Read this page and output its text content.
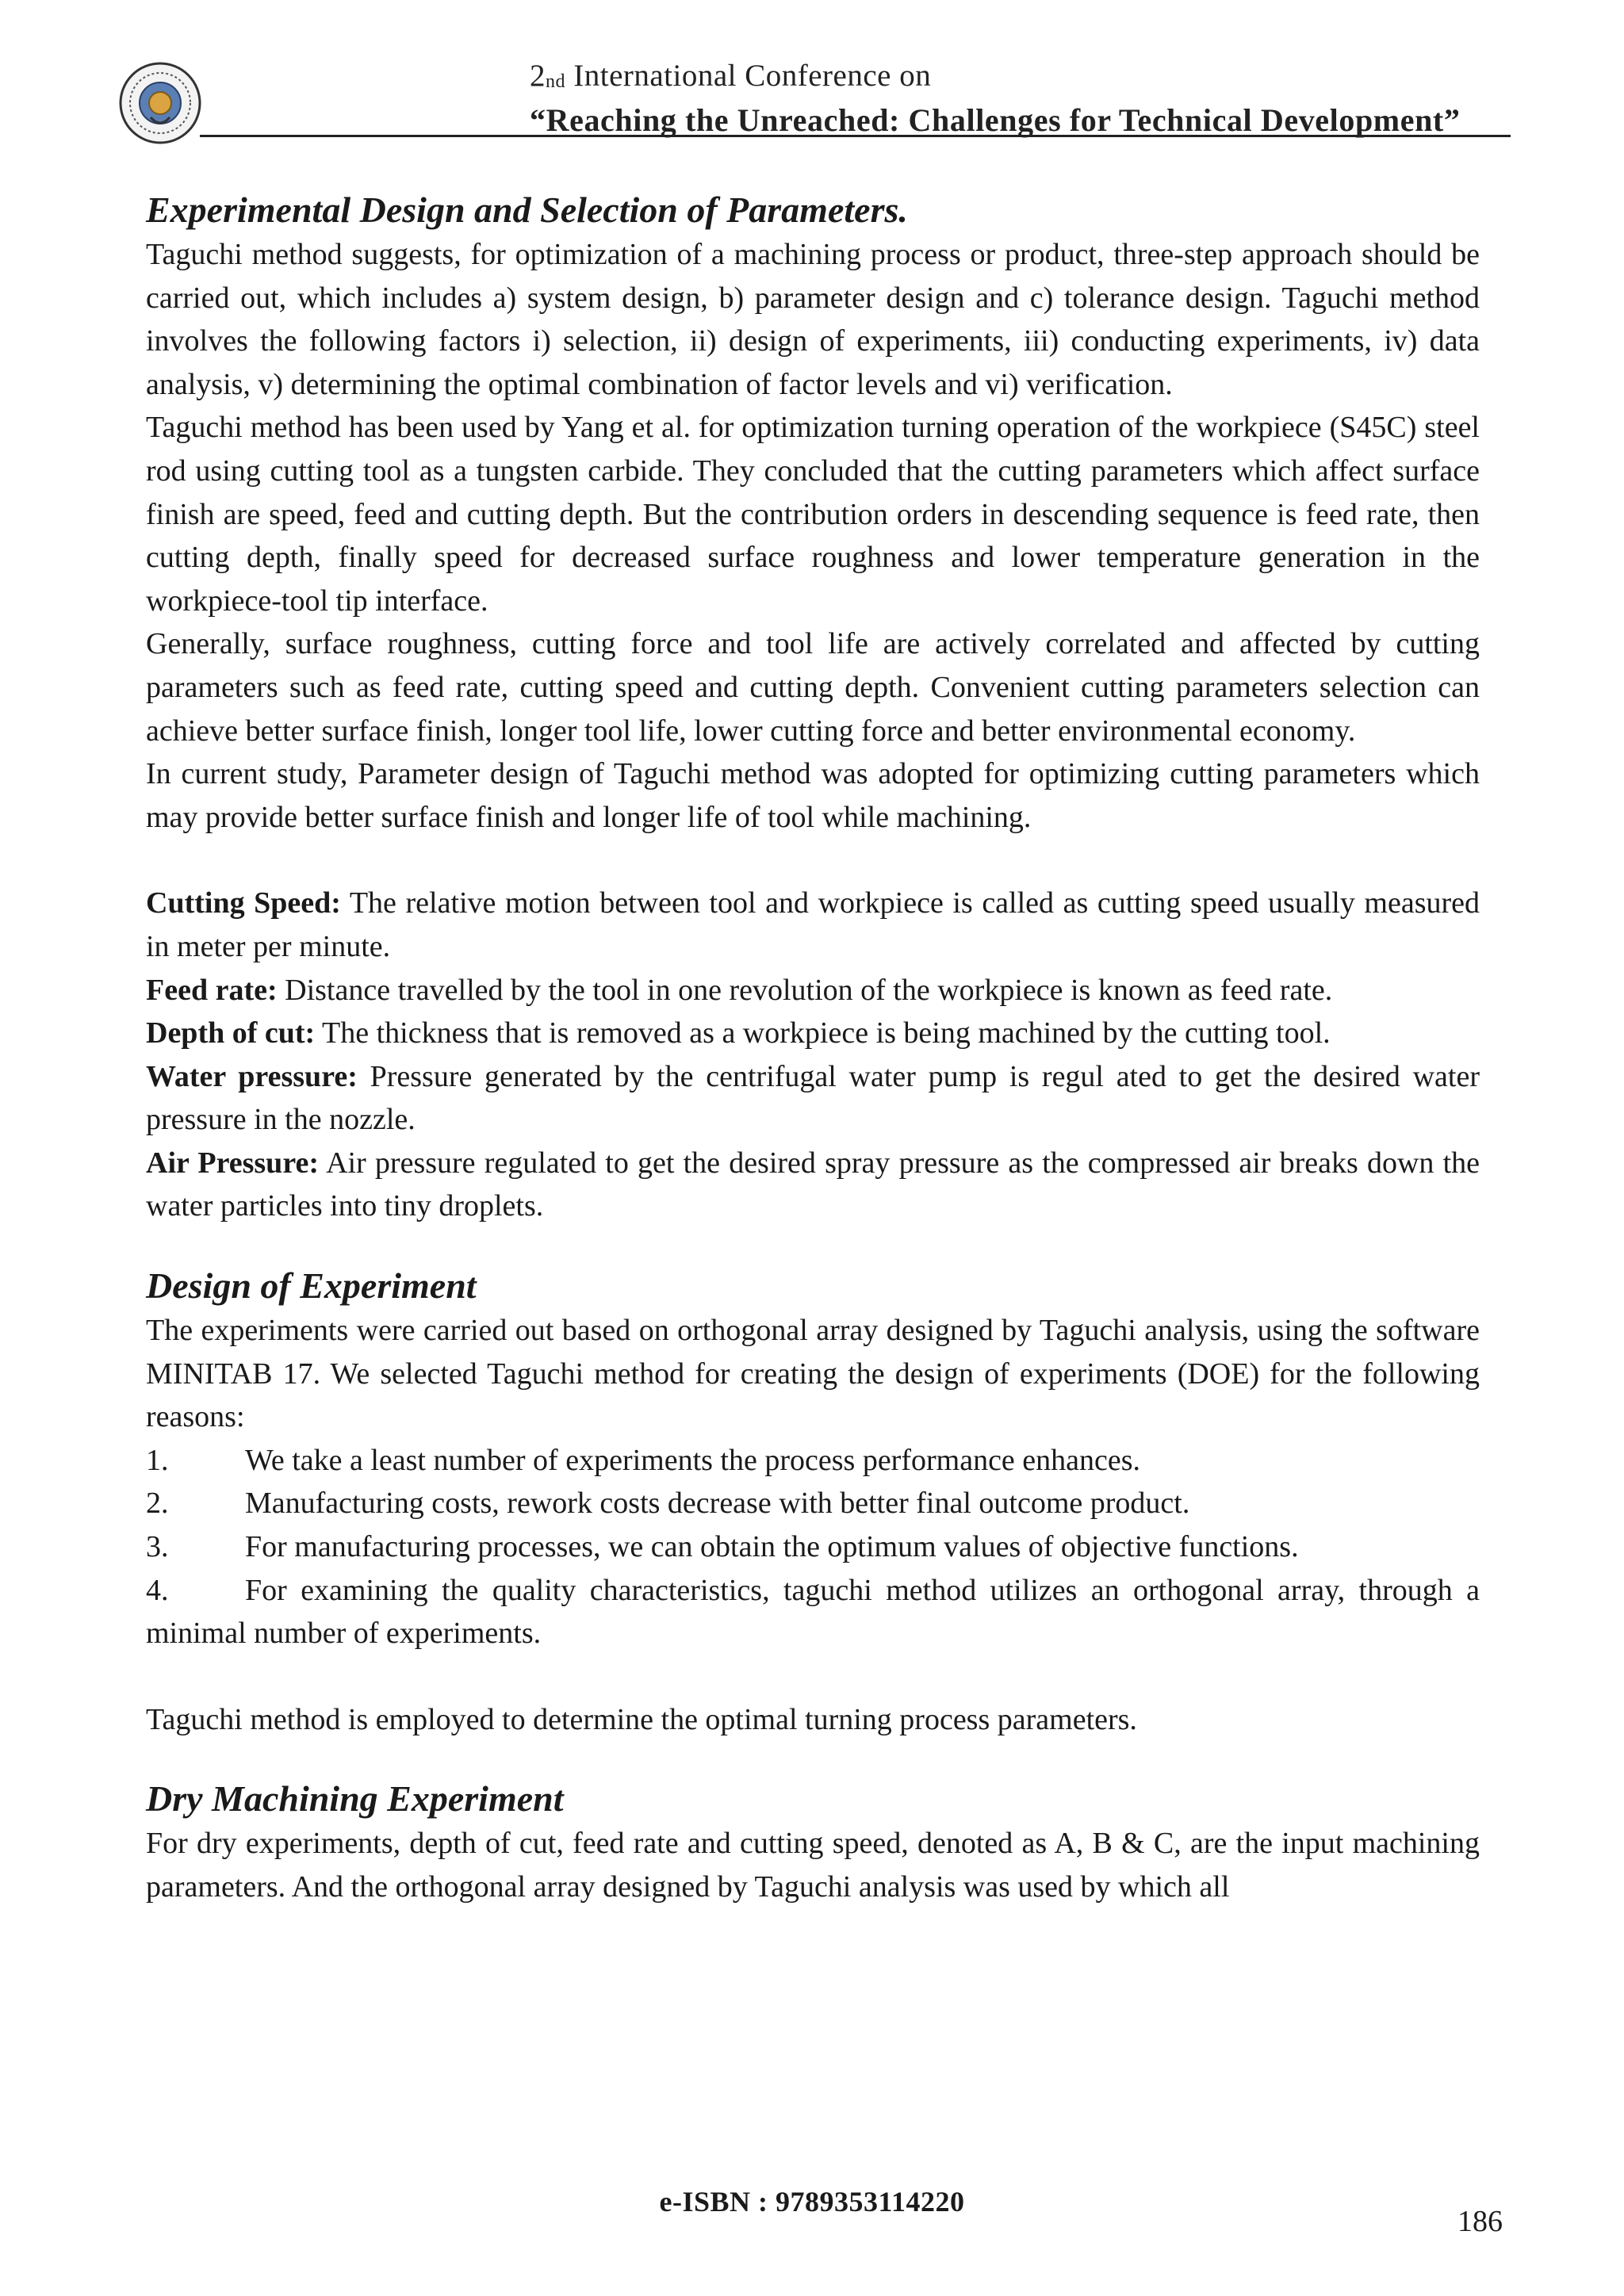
$2_{nd}$ International Conference on
“Reaching the Unreached: Challenges for Technical Development”
Experimental Design and Selection of Parameters.

Taguchi method suggests, for optimization of a machining process or product, three-step approach should be carried out, which includes a) system design, b) parameter design and c) tolerance design. Taguchi method involves the following factors i) selection, ii) design of experiments, iii) conducting experiments, iv) data analysis, v) determining the optimal combination of factor levels and vi) verification.

Taguchi method has been used by Yang et al. for optimization turning operation of the workpiece (S45C) steel rod using cutting tool as a tungsten carbide. They concluded that the cutting parameters which affect surface finish are speed, feed and cutting depth. But the contribution orders in descending sequence is feed rate, then cutting depth, finally speed for decreased surface roughness and lower temperature generation in the workpiece-tool tip interface.

Generally, surface roughness, cutting force and tool life are actively correlated and affected by cutting parameters such as feed rate, cutting speed and cutting depth. Convenient cutting parameters selection can achieve better surface finish, longer tool life, lower cutting force and better environmental economy.

In current study, Parameter design of Taguchi method was adopted for optimizing cutting parameters which may provide better surface finish and longer life of tool while machining.

Cutting Speed: The relative motion between tool and workpiece is called as cutting speed usually measured in meter per minute.

Feed rate: Distance travelled by the tool in one revolution of the workpiece is known as feed rate.

Depth of cut: The thickness that is removed as a workpiece is being machined by the cutting tool.

Water pressure: Pressure generated by the centrifugal water pump is regul ated to get the desired water pressure in the nozzle.

Air Pressure: Air pressure regulated to get the desired spray pressure as the compressed air breaks down the water particles into tiny droplets.

Design of Experiment

The experiments were carried out based on orthogonal array designed by Taguchi analysis, using the software MINITAB 17. We selected Taguchi method for creating the design of experiments (DOE) for the following reasons:

1.	We take a least number of experiments the process performance enhances.
2.	Manufacturing costs, rework costs decrease with better final outcome product.
3.	For manufacturing processes, we can obtain the optimum values of objective functions.
4.	For examining the quality characteristics, taguchi method utilizes an orthogonal array, through a minimal number of experiments.

Taguchi method is employed to determine the optimal turning process parameters.

Dry Machining Experiment

For dry experiments, depth of cut, feed rate and cutting speed, denoted as A, B & C, are the input machining parameters. And the orthogonal array designed by Taguchi analysis was used by which all

e-ISBN : 9789353114220
186
